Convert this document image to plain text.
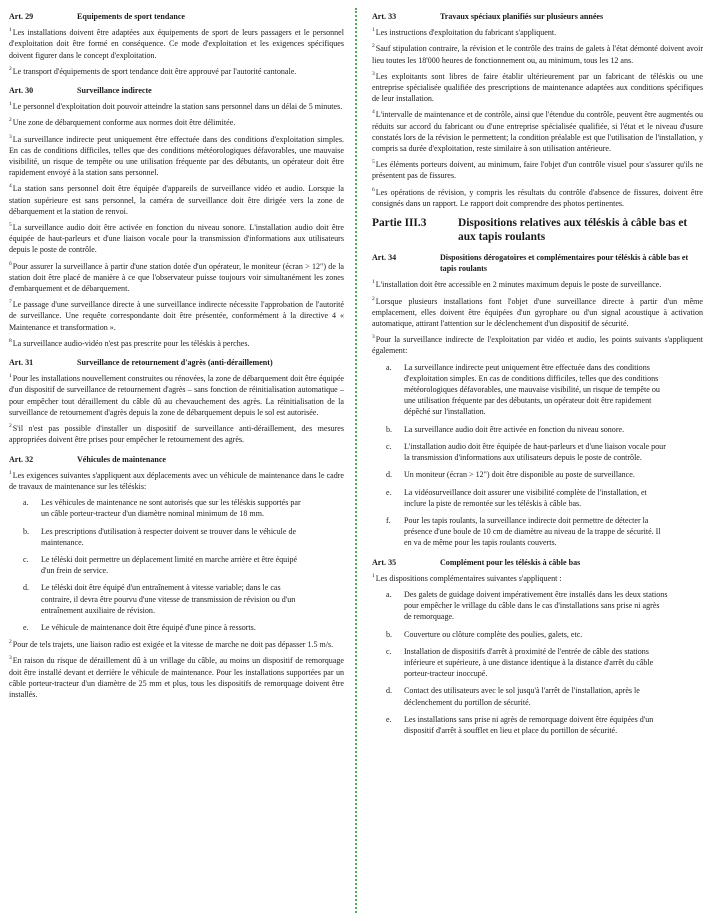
Art. 29	Equipements de sport tendance

$^1$Les installations doivent être adaptées aux équipements de sport de leurs passagers et le personnel d'exploitation doit être formé en conséquence. Ce mode d'exploitation et les exigences spécifiques doivent figurer dans le concept d'exploitation.

$^2$Le transport d'équipements de sport tendance doit être approuvé par l'autorité cantonale.

Art. 30	Surveillance indirecte

$^1$Le personnel d'exploitation doit pouvoir atteindre la station sans personnel dans un délai de 5 minutes.

$^2$Une zone de débarquement conforme aux normes doit être délimitée.

$^3$La surveillance indirecte peut uniquement être effectuée dans des conditions d'exploitation simples. En cas de conditions difficiles, telles que des conditions météorologiques défavorables, une mauvaise visibilité, un risque de tempête ou une utilisation fréquente par des débutants, un opérateur doit être rapidement envoyé à la station sans personnel.

$^4$La station sans personnel doit être équipée d'appareils de surveillance vidéo et audio. Lorsque la station supérieure est sans personnel, la caméra de surveillance doit être dirigée vers la zone de débarquement et la station de renvoi.

$^5$La surveillance audio doit être activée en fonction du niveau sonore. L'installation audio doit être équipée de haut-parleurs et d'une liaison vocale pour la transmission d'informations aux utilisateurs depuis le poste de contrôle.

$^6$Pour assurer la surveillance à partir d'une station dotée d'un opérateur, le moniteur (écran > 12") de la station doit être placé de manière à ce que l'observateur puisse toujours voir simultanément les zones d'embarquement et de débarquement.

$^7$Le passage d'une surveillance directe à une surveillance indirecte nécessite l'approbation de l'autorité de surveillance. Une requête correspondante doit être présentée, conformément à la directive 4 « Maintenance et transformation ».

$^8$La surveillance audio-vidéo n'est pas prescrite pour les téléskis à perches.

Art. 31	Surveillance de retournement d'agrès (anti-déraillement)

$^1$Pour les installations nouvellement construites ou rénovées, la zone de débarquement doit être équipée d'un dispositif de surveillance de retournement d'agrès – sans fonction de réinitialisation automatique – pour empêcher tout déraillement du câble dû au chevauchement des agrès. La réinitialisation de la surveillance de retournement d'agrès depuis la zone de débarquement depuis le sol est autorisée.

$^2$S'il n'est pas possible d'installer un dispositif de surveillance anti-déraillement, des mesures appropriées doivent être prises pour empêcher le retournement des agrès.

Art. 32	Véhicules de maintenance

$^1$Les exigences suivantes s'appliquent aux déplacements avec un véhicule de maintenance dans le cadre de travaux de maintenance sur les téléskis:

a.	Les véhicules de maintenance ne sont autorisés que sur les téléskis supportés par un câble porteur-tracteur d'un diamètre nominal minimum de 18 mm.
b.	Les prescriptions d'utilisation à respecter doivent se trouver dans le véhicule de maintenance.
c.	Le téléski doit permettre un déplacement limité en marche arrière et être équipé d'un frein de service.
d.	Le téléski doit être équipé d'un entraînement à vitesse variable; dans le cas contraire, il devra être pourvu d'une vitesse de transmission de révision ou d'un entraînement auxiliaire de révision.
e.	Le véhicule de maintenance doit être équipé d'une pince à ressorts.

$^2$Pour de tels trajets, une liaison radio est exigée et la vitesse de marche ne doit pas dépasser 1.5 m/s.

$^3$En raison du risque de déraillement dû à un vrillage du câble, au moins un dispositif de remorquage doit être installé devant et derrière le véhicule de maintenance. Pour les installations supportées par un câble porteur-tracteur d'un diamètre de 25 mm et plus, tous les dispositifs de remorquage doivent être installés.

Art. 33	Travaux spéciaux planifiés sur plusieurs années

$^1$Les instructions d'exploitation du fabricant s'appliquent.

$^2$Sauf stipulation contraire, la révision et le contrôle des trains de galets à l'état démonté doivent avoir lieu toutes les 18'000 heures de fonctionnement ou, au minimum, tous les 12 ans.

$^3$Les exploitants sont libres de faire établir ultérieurement par un fabricant de téléskis ou une entreprise spécialisée qualifiée des prescriptions de maintenance adaptées aux conditions spécifiques de leur installation.

$^4$L'intervalle de maintenance et de contrôle, ainsi que l'étendue du contrôle, peuvent être augmentés ou réduits sur accord du fabricant ou d'une entreprise spécialisée qualifiée, si l'état et le niveau d'usure constatés lors de la révision le permettent; la condition préalable est que l'utilisation de l'installation, y compris sa durée d'exploitation, reste similaire à son utilisation antérieure.

$^5$Les éléments porteurs doivent, au minimum, faire l'objet d'un contrôle visuel pour s'assurer qu'ils ne présentent pas de fissures.

$^6$Les opérations de révision, y compris les résultats du contrôle d'absence de fissures, doivent être consignés dans un rapport. Le rapport doit comprendre des photos pertinentes.

Partie III.3	Dispositions relatives aux téléskis à câble bas et aux tapis roulants
Art. 34	Dispositions dérogatoires et complémentaires pour téléskis à câble bas et tapis roulants

$^1$L'installation doit être accessible en 2 minutes maximum depuis le poste de surveillance.

$^2$Lorsque plusieurs installations font l'objet d'une surveillance directe à partir d'un même emplacement, elles doivent être équipées d'un gyrophare ou d'un signal acoustique à activation automatique, attirant l'attention sur le déclenchement d'un dispositif de sécurité.

$^3$Pour la surveillance indirecte de l'exploitation par vidéo et audio, les points suivants s'appliquent également:

a.	La surveillance indirecte peut uniquement être effectuée dans des conditions d'exploitation simples. En cas de conditions difficiles, telles que des conditions météorologiques défavorables, une mauvaise visibilité, un risque de tempête ou une utilisation fréquente par des débutants, un opérateur doit être rapidement dépêché sur l'installation.
b.	La surveillance audio doit être activée en fonction du niveau sonore.
c.	L'installation audio doit être équipée de haut-parleurs et d'une liaison vocale pour la transmission d'informations aux utilisateurs depuis le poste de contrôle.
d.	Un moniteur (écran > 12") doit être disponible au poste de surveillance.
e.	La vidéosurveillance doit assurer une visibilité complète de l'installation, et inclure la piste de remontée sur les téléskis à câble bas.
f.	Pour les tapis roulants, la surveillance indirecte doit permettre de détecter la présence d'une boule de 10 cm de diamètre au niveau de la trappe de sécurité. Il en va de même pour les tapis roulants couverts.
Art. 35	Complément pour les téléskis à câble bas

$^1$Les dispositions complémentaires suivantes s'appliquent :

a.	Des galets de guidage doivent impérativement être installés dans les deux stations pour empêcher le vrillage du câble dans le cas d'installations sans prise ni agrès de remorquage.
b.	Couverture ou clôture complète des poulies, galets, etc.
c.	Installation de dispositifs d'arrêt à proximité de l'entrée de câble des stations inférieure et supérieure, à une distance identique à la distance d'arrêt du câble porteur-tracteur inoccupé.
d.	Contact des utilisateurs avec le sol jusqu'à l'arrêt de l'installation, après le déclenchement du portillon de sécurité.
e.	Les installations sans prise ni agrès de remorquage doivent être équipées d'un dispositif d'arrêt à soufflet en lieu et place du portillon de sécurité.
